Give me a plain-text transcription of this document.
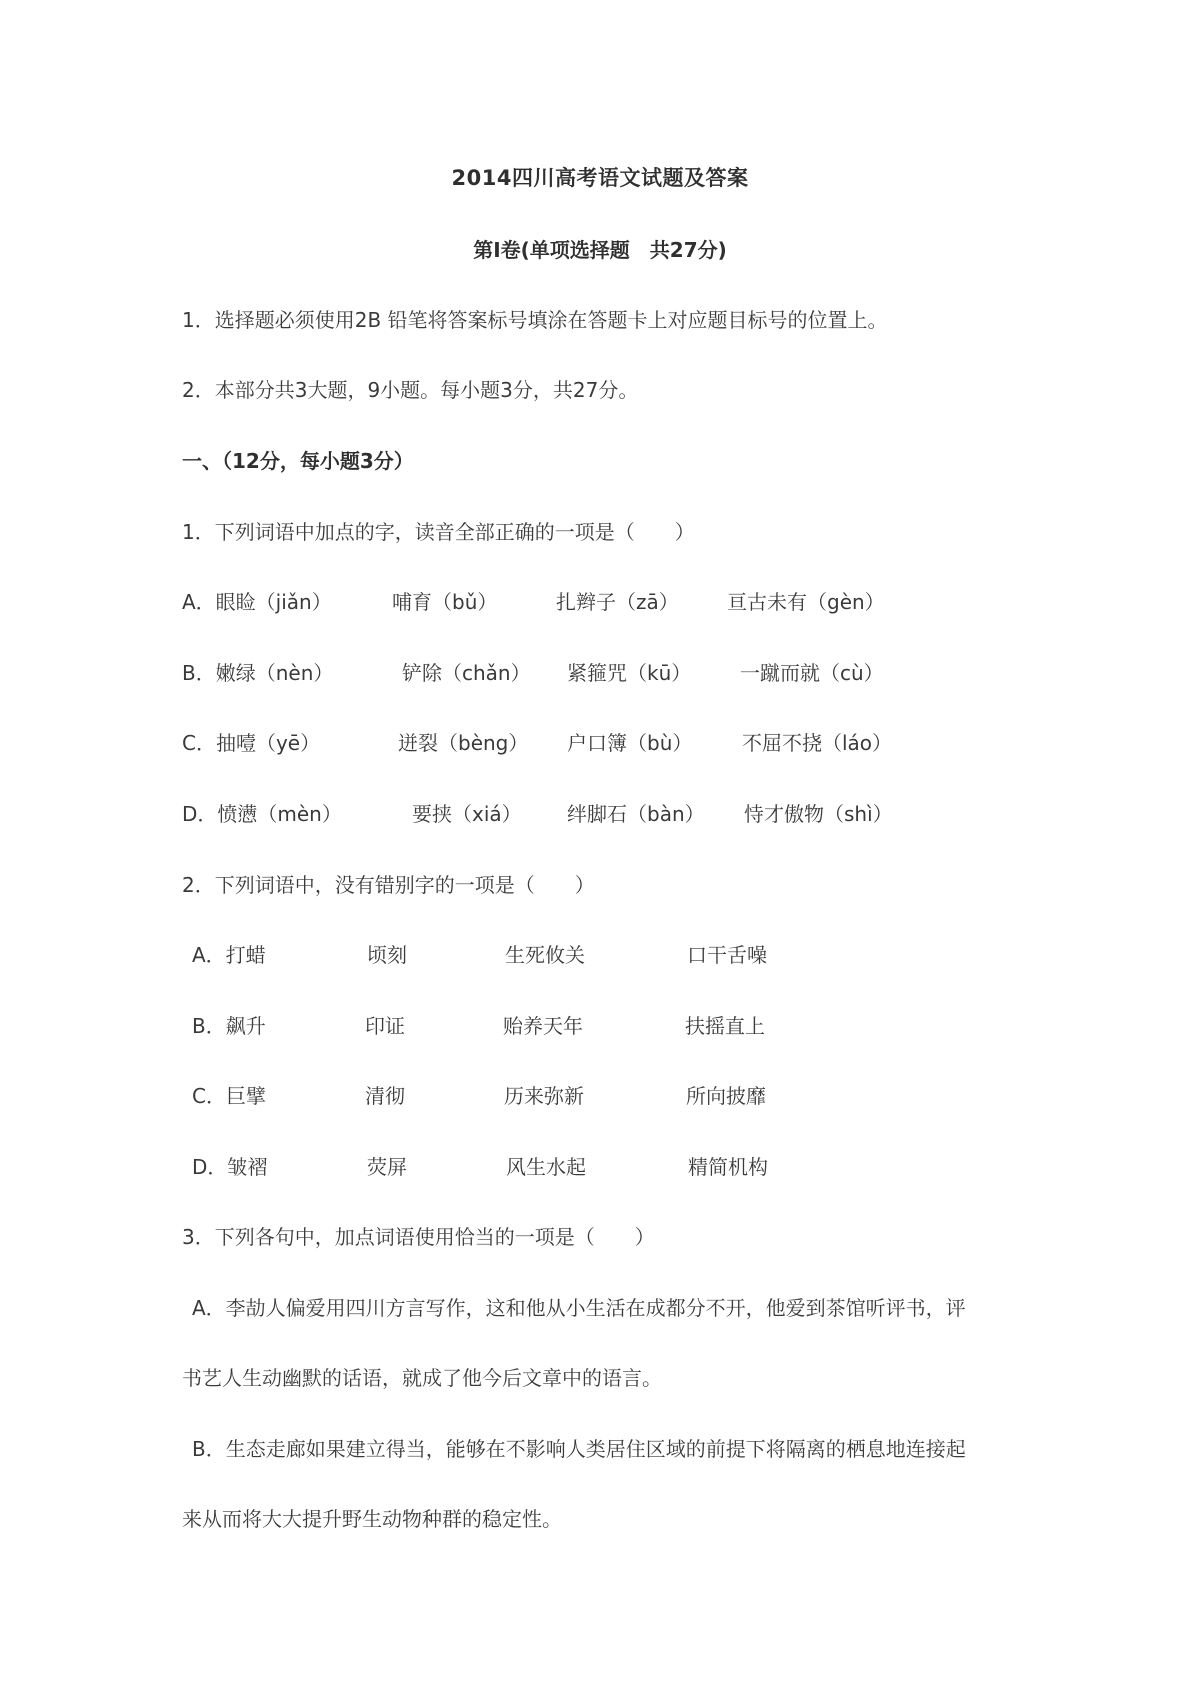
2014四川高考语文试题及答案
第Ⅰ卷(单项选择题　共27分)
1．选择题必须使用2B 铅笔将答案标号填涂在答题卡上对应题目标号的位置上。
2．本部分共3大题，9小题。每小题3分，共27分。
一、（12分，每小题3分）
1．下列词语中加点的字，读音全部正确的一项是（　　）
A．眼睑（jiǎn）	哺育（bǔ）	扎辫子（zā） 亘古未有（gèn）
B．嫩绿（nèn）	铲除（chǎn） 紧箍咒（kū） 一蹴而就（cù）
C．抽噎（yē）	迸裂（bèng） 户口簿（bù） 不屈不挠（láo）
D．愤懑（mèn）	要挟（xiá） 绊脚石（bàn） 恃才傲物（shì）
2．下列词语中，没有错别字的一项是（　　）
A．打蜡	顷刻	生死攸关	口干舌噪
B．飙升	印证	贻养天年	扶摇直上
C．巨擘	清彻	历来弥新	所向披靡
D．皱褶	荧屏	风生水起	精简机构
3．下列各句中，加点词语使用恰当的一项是（　　）
A．李劼人偏爱用四川方言写作，这和他从小生活在成都分不开，他爱到茶馆听评书，评
书艺人生动幽默的话语，就成了他今后文章中的语言。
B．生态走廊如果建立得当，能够在不影响人类居住区域的前提下将隔离的栖息地连接起
来从而将大大提升野生动物种群的稳定性。
